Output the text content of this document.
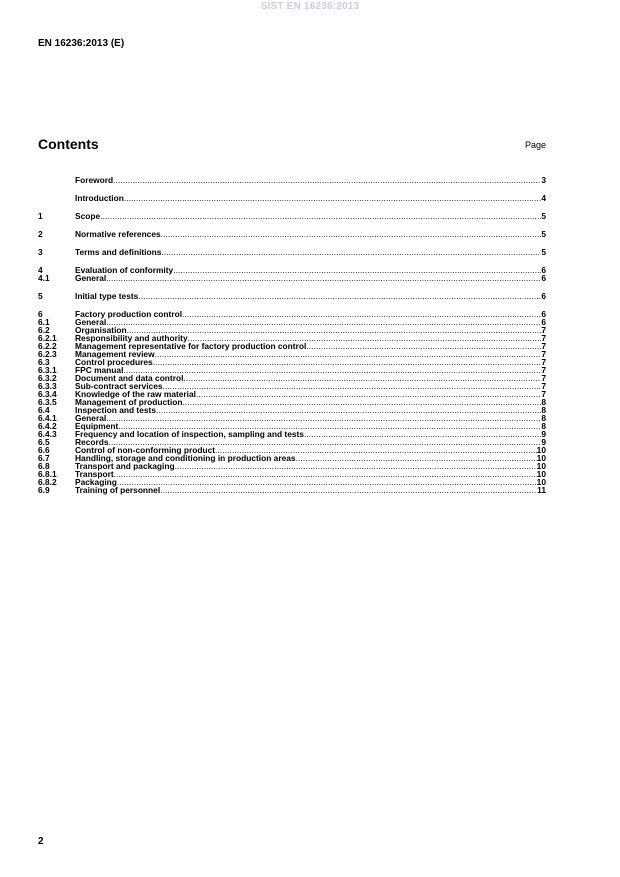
SIST EN 16236:2013
EN 16236:2013 (E)
Contents	Page
Foreword .....	3
Introduction .....	4
1	Scope .....	5
2	Normative references .....	5
3	Terms and definitions .....	5
4	Evaluation of conformity .....	6
4.1	General .....	6
5	Initial type tests .....	6
6	Factory production control .....	6
6.1	General .....	6
6.2	Organisation .....	7
6.2.1	Responsibility and authority .....	7
6.2.2	Management representative for factory production control .....	7
6.2.3	Management review .....	7
6.3	Control procedures .....	7
6.3.1	FPC manual .....	7
6.3.2	Document and data control .....	7
6.3.3	Sub-contract services .....	7
6.3.4	Knowledge of the raw material .....	7
6.3.5	Management of production .....	8
6.4	Inspection and tests .....	8
6.4.1	General .....	8
6.4.2	Equipment .....	8
6.4.3	Frequency and location of inspection, sampling and tests .....	9
6.5	Records .....	9
6.6	Control of non-conforming product .....	10
6.7	Handling, storage and conditioning in production areas .....	10
6.8	Transport and packaging .....	10
6.8.1	Transport .....	10
6.8.2	Packaging .....	10
6.9	Training of personnel .....	11
2
